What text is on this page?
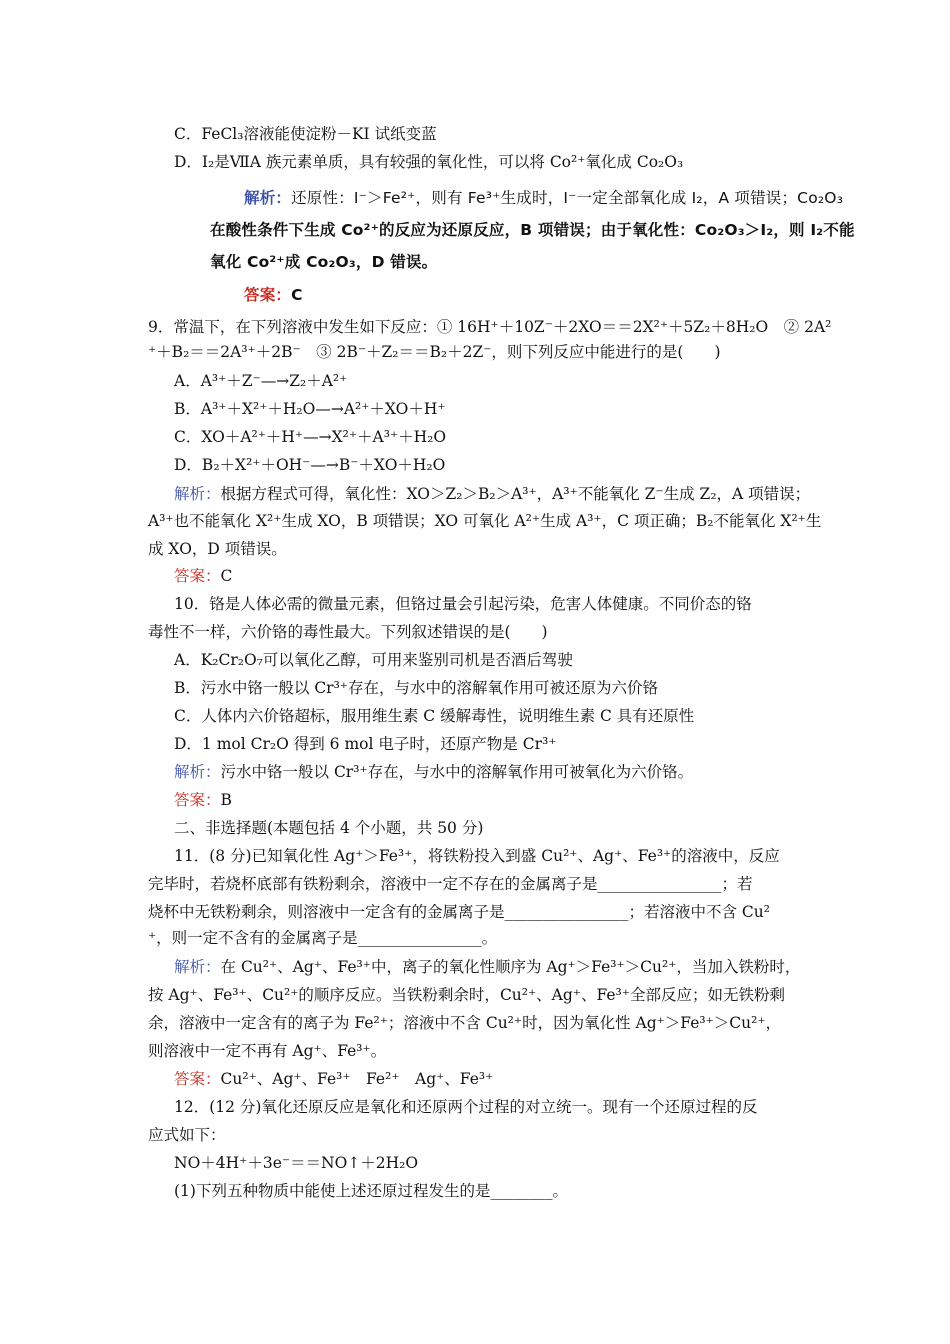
C．FeCl₃溶液能使淀粉－KI 试纸变蓝

D．I₂是ⅦA 族元素单质，具有较强的氧化性，可以将 Co²⁺氧化成 Co₂O₃

解析：还原性：I⁻＞Fe²⁺，则有 Fe³⁺生成时，I⁻一定全部氧化成 I₂，A 项错误；Co₂O₃

在酸性条件下生成 Co²⁺的反应为还原反应，B 项错误；由于氧化性：Co₂O₃＞I₂，则 I₂不能

氧化 Co²⁺成 Co₂O₃，D 错误。

答案：C

9．常温下，在下列溶液中发生如下反应：① 16H⁺＋10Z⁻＋2XO＝＝2X²⁺＋5Z₂＋8H₂O　② 2A²

⁺＋B₂＝＝2A³⁺＋2B⁻　③ 2B⁻＋Z₂＝＝B₂＋2Z⁻，则下列反应中能进行的是(　　)

A．A³⁺＋Z⁻—→Z₂＋A²⁺

B．A³⁺＋X²⁺＋H₂O—→A²⁺＋XO＋H⁺

C．XO＋A²⁺＋H⁺—→X²⁺＋A³⁺＋H₂O

D．B₂＋X²⁺＋OH⁻—→B⁻＋XO＋H₂O

解析：根据方程式可得，氧化性：XO＞Z₂＞B₂＞A³⁺，A³⁺不能氧化 Z⁻生成 Z₂，A 项错误；

A³⁺也不能氧化 X²⁺生成 XO，B 项错误；XO 可氧化 A²⁺生成 A³⁺，C 项正确；B₂不能氧化 X²⁺生

成 XO，D 项错误。

答案：C

10．铬是人体必需的微量元素，但铬过量会引起污染，危害人体健康。不同价态的铬

毒性不一样，六价铬的毒性最大。下列叙述错误的是(　　)

A．K₂Cr₂O₇可以氧化乙醇，可用来鉴别司机是否酒后驾驶

B．污水中铬一般以 Cr³⁺存在，与水中的溶解氧作用可被还原为六价铬

C．人体内六价铬超标，服用维生素 C 缓解毒性，说明维生素 C 具有还原性

D．1 mol Cr₂O 得到 6 mol 电子时，还原产物是 Cr³⁺

解析：污水中铬一般以 Cr³⁺存在，与水中的溶解氧作用可被氧化为六价铬。

答案：B

二、非选择题(本题包括 4 个小题，共 50 分)

11．(8 分)已知氧化性 Ag⁺＞Fe³⁺，将铁粉投入到盛 Cu²⁺、Ag⁺、Fe³⁺的溶液中，反应

完毕时，若烧杯底部有铁粉剩余，溶液中一定不存在的金属离子是________________；若

烧杯中无铁粉剩余，则溶液中一定含有的金属离子是________________；若溶液中不含 Cu²

⁺，则一定不含有的金属离子是________________。

解析：在 Cu²⁺、Ag⁺、Fe³⁺中，离子的氧化性顺序为 Ag⁺＞Fe³⁺＞Cu²⁺，当加入铁粉时，

按 Ag⁺、Fe³⁺、Cu²⁺的顺序反应。当铁粉剩余时，Cu²⁺、Ag⁺、Fe³⁺全部反应；如无铁粉剩

余，溶液中一定含有的离子为 Fe²⁺；溶液中不含 Cu²⁺时，因为氧化性 Ag⁺＞Fe³⁺＞Cu²⁺，

则溶液中一定不再有 Ag⁺、Fe³⁺。

答案：Cu²⁺、Ag⁺、Fe³⁺　Fe²⁺　Ag⁺、Fe³⁺

12．(12 分)氧化还原反应是氧化和还原两个过程的对立统一。现有一个还原过程的反

应式如下：

NO＋4H⁺＋3e⁻＝＝NO↑＋2H₂O

(1)下列五种物质中能使上述还原过程发生的是________。
